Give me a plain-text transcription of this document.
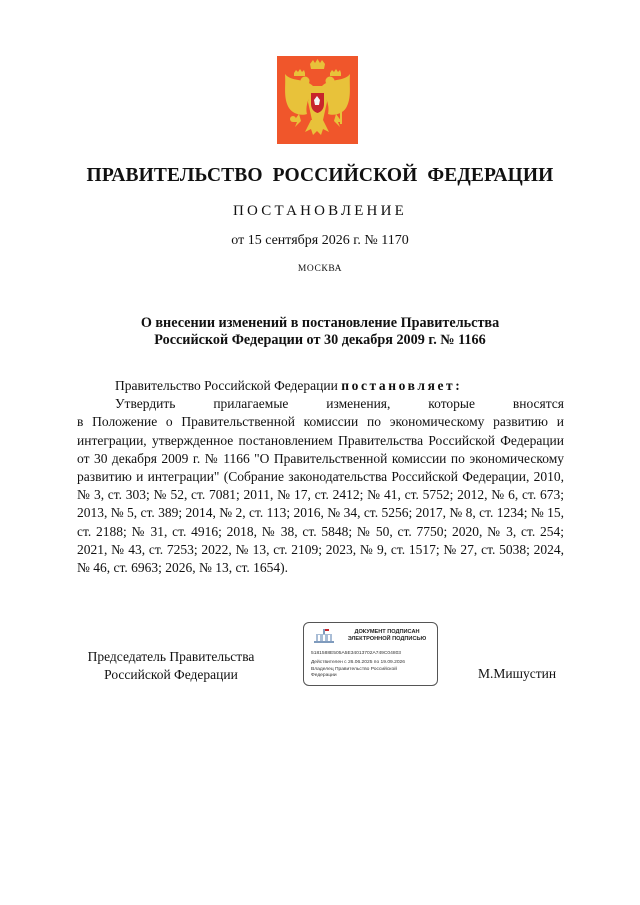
ПРАВИТЕЛЬСТВО РОССИЙСКОЙ ФЕДЕРАЦИИ
ПОСТАНОВЛЕНИЕ
от 15 сентября 2026 г. № 1170
МОСКВА
О внесении изменений в постановление Правительства
Российской Федерации от 30 декабря 2009 г. № 1166

Правительство Российской Федерации постановляет:

Утвердить прилагаемые изменения, которые вносятся
в Положение о Правительственной комиссии по экономическому развитию и интеграции, утвержденное постановлением Правительства Российской Федерации от 30 декабря 2009 г. № 1166 "О Правительственной комиссии по экономическому развитию и интеграции" (Собрание законодательства Российской Федерации, 2010, № 3, ст. 303; № 52, ст. 7081; 2011, № 17, ст. 2412; № 41, ст. 5752; 2012, № 6, ст. 673; 2013, № 5, ст. 389; 2014, № 2, ст. 113; 2016, № 34, ст. 5256; 2017, № 8, ст. 1234; № 15, ст. 2188; № 31, ст. 4916; 2018, № 38, ст. 5848; № 50, ст. 7750; 2020, № 3, ст. 254; 2021, № 43, ст. 7253; 2022, № 13, ст. 2109; 2023, № 9, ст. 1517; № 27, ст. 5038; 2024, № 46, ст. 6963; 2026, № 13, ст. 1654).

Председатель Правительства
Российской Федерации
ДОКУМЕНТ ПОДПИСАН
ЭЛЕКТРОННОЙ ПОДПИСЬЮ
5181588E505A5E34013702A749C04803
Действителен с 26.06.2025 по 19.09.2026
Владелец Правительство Российской
Федерации	М.Мишустин
